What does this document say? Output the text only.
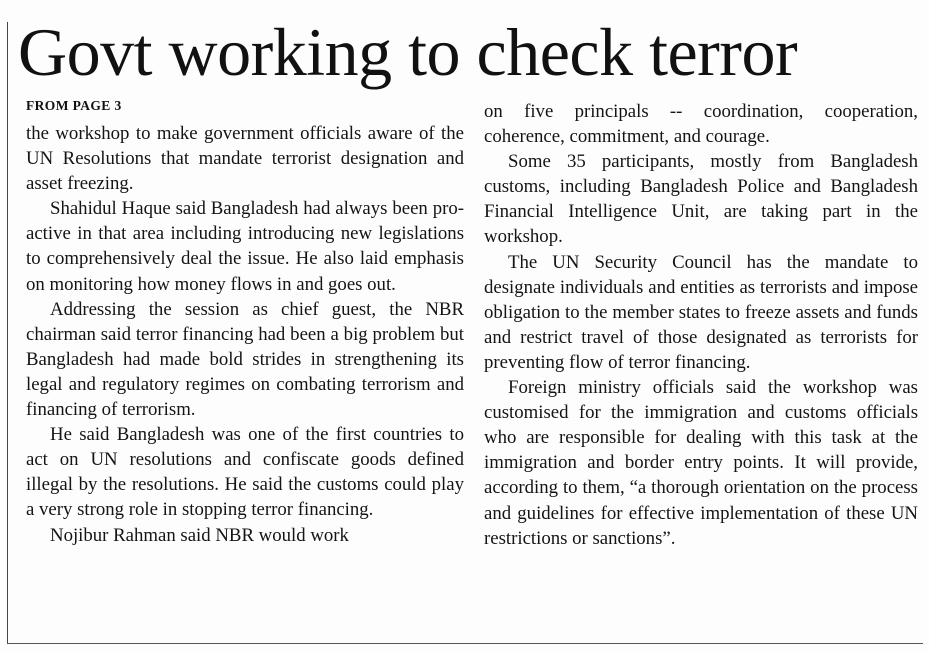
Govt working to check terror
FROM PAGE 3

the workshop to make government officials aware of the UN Resolutions that mandate terrorist designation and asset freezing.

Shahidul Haque said Bangladesh had always been pro-active in that area including introducing new legislations to comprehensively deal the issue. He also laid emphasis on monitoring how money flows in and goes out.

Addressing the session as chief guest, the NBR chairman said terror financing had been a big problem but Bangladesh had made bold strides in strengthening its legal and regulatory regimes on combating terrorism and financing of terrorism.

He said Bangladesh was one of the first countries to act on UN resolutions and confiscate goods defined illegal by the resolutions. He said the customs could play a very strong role in stopping terror financing.

Nojibur Rahman said NBR would work

on five principals -- coordination, cooperation, coherence, commitment, and courage.

Some 35 participants, mostly from Bangladesh customs, including Bangladesh Police and Bangladesh Financial Intelligence Unit, are taking part in the workshop.

The UN Security Council has the mandate to designate individuals and entities as terrorists and impose obligation to the member states to freeze assets and funds and restrict travel of those designated as terrorists for preventing flow of terror financing.

Foreign ministry officials said the workshop was customised for the immigration and customs officials who are responsible for dealing with this task at the immigration and border entry points. It will provide, according to them, “a thorough orientation on the process and guidelines for effective implementation of these UN restrictions or sanctions”.
